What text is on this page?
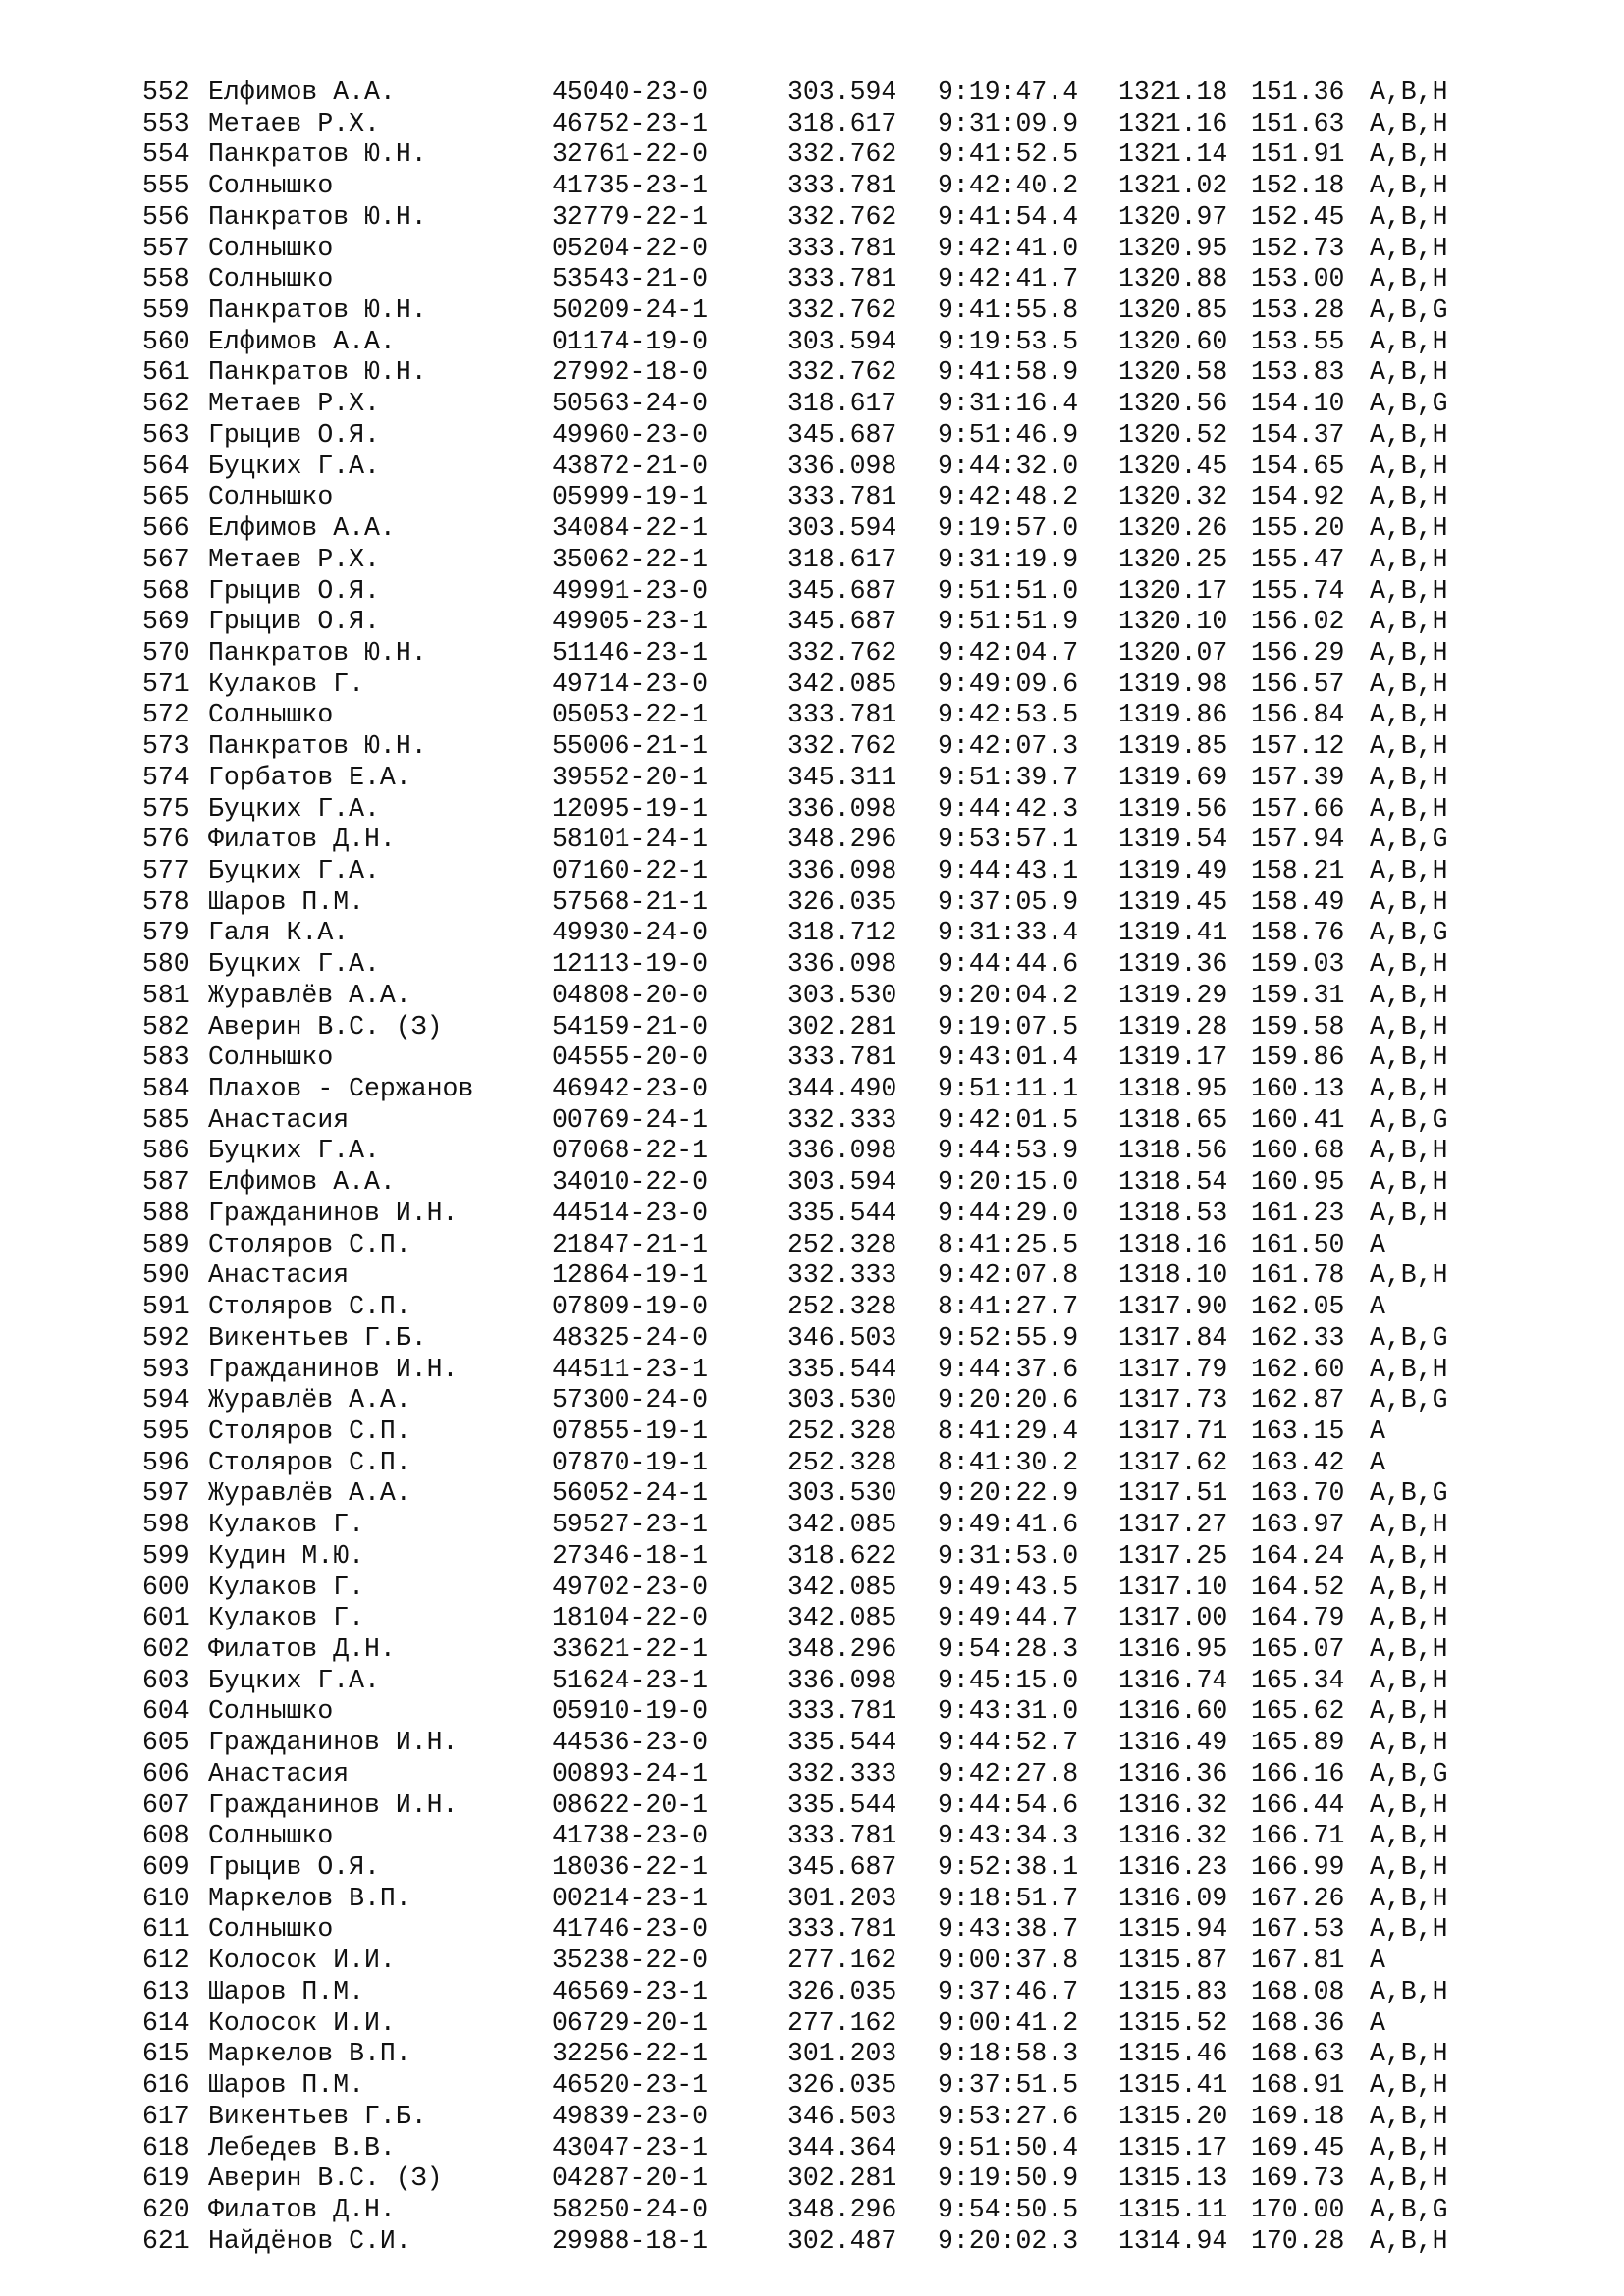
552 Елфимов А.А.	45040-23-0	303.594 9:19:47.4 1321.18 151.36 A,B,H
553 Метаев Р.Х.	46752-23-1	318.617 9:31:09.9 1321.16 151.63 A,B,H
554 Панкратов Ю.Н.	32761-22-0	332.762 9:41:52.5 1321.14 151.91 A,B,H
555 Солнышко	41735-23-1	333.781 9:42:40.2 1321.02 152.18 A,B,H
556 Панкратов Ю.Н.	32779-22-1	332.762 9:41:54.4 1320.97 152.45 A,B,H
557 Солнышко	05204-22-0	333.781 9:42:41.0 1320.95 152.73 A,B,H
558 Солнышко	53543-21-0	333.781 9:42:41.7 1320.88 153.00 A,B,H
559 Панкратов Ю.Н.	50209-24-1	332.762 9:41:55.8 1320.85 153.28 A,B,G
560 Елфимов А.А.	01174-19-0	303.594 9:19:53.5 1320.60 153.55 A,B,H
561 Панкратов Ю.Н.	27992-18-0	332.762 9:41:58.9 1320.58 153.83 A,B,H
562 Метаев Р.Х.	50563-24-0	318.617 9:31:16.4 1320.56 154.10 A,B,G
563 Грыцив О.Я.	49960-23-0	345.687 9:51:46.9 1320.52 154.37 A,B,H
564 Буцких Г.А.	43872-21-0	336.098 9:44:32.0 1320.45 154.65 A,B,H
565 Солнышко	05999-19-1	333.781 9:42:48.2 1320.32 154.92 A,B,H
566 Елфимов А.А.	34084-22-1	303.594 9:19:57.0 1320.26 155.20 A,B,H
567 Метаев Р.Х.	35062-22-1	318.617 9:31:19.9 1320.25 155.47 A,B,H
568 Грыцив О.Я.	49991-23-0	345.687 9:51:51.0 1320.17 155.74 A,B,H
569 Грыцив О.Я.	49905-23-1	345.687 9:51:51.9 1320.10 156.02 A,B,H
570 Панкратов Ю.Н.	51146-23-1	332.762 9:42:04.7 1320.07 156.29 A,B,H
571 Кулаков Г.	49714-23-0	342.085 9:49:09.6 1319.98 156.57 A,B,H
572 Солнышко	05053-22-1	333.781 9:42:53.5 1319.86 156.84 A,B,H
573 Панкратов Ю.Н.	55006-21-1	332.762 9:42:07.3 1319.85 157.12 A,B,H
574 Горбатов Е.А.	39552-20-1	345.311 9:51:39.7 1319.69 157.39 A,B,H
575 Буцких Г.А.	12095-19-1	336.098 9:44:42.3 1319.56 157.66 A,B,H
576 Филатов Д.Н.	58101-24-1	348.296 9:53:57.1 1319.54 157.94 A,B,G
577 Буцких Г.А.	07160-22-1	336.098 9:44:43.1 1319.49 158.21 A,B,H
578 Шаров П.М.	57568-21-1	326.035 9:37:05.9 1319.45 158.49 A,B,H
579 Галя К.А.	49930-24-0	318.712 9:31:33.4 1319.41 158.76 A,B,G
580 Буцких Г.А.	12113-19-0	336.098 9:44:44.6 1319.36 159.03 A,B,H
581 Журавлёв А.А.	04808-20-0	303.530 9:20:04.2 1319.29 159.31 A,B,H
582 Аверин В.С. (З)	54159-21-0	302.281 9:19:07.5 1319.28 159.58 A,B,H
583 Солнышко	04555-20-0	333.781 9:43:01.4 1319.17 159.86 A,B,H
584 Плахов - Сержанов	46942-23-0	344.490 9:51:11.1 1318.95 160.13 A,B,H
585 Анастасия	00769-24-1	332.333 9:42:01.5 1318.65 160.41 A,B,G
586 Буцких Г.А.	07068-22-1	336.098 9:44:53.9 1318.56 160.68 A,B,H
587 Елфимов А.А.	34010-22-0	303.594 9:20:15.0 1318.54 160.95 A,B,H
588 Гражданинов И.Н.	44514-23-0	335.544 9:44:29.0 1318.53 161.23 A,B,H
589 Столяров С.П.	21847-21-1	252.328 8:41:25.5 1318.16 161.50 A
590 Анастасия	12864-19-1	332.333 9:42:07.8 1318.10 161.78 A,B,H
591 Столяров С.П.	07809-19-0	252.328 8:41:27.7 1317.90 162.05 A
592 Викентьев Г.Б.	48325-24-0	346.503 9:52:55.9 1317.84 162.33 A,B,G
593 Гражданинов И.Н.	44511-23-1	335.544 9:44:37.6 1317.79 162.60 A,B,H
594 Журавлёв А.А.	57300-24-0	303.530 9:20:20.6 1317.73 162.87 A,B,G
595 Столяров С.П.	07855-19-1	252.328 8:41:29.4 1317.71 163.15 A
596 Столяров С.П.	07870-19-1	252.328 8:41:30.2 1317.62 163.42 A
597 Журавлёв А.А.	56052-24-1	303.530 9:20:22.9 1317.51 163.70 A,B,G
598 Кулаков Г.	59527-23-1	342.085 9:49:41.6 1317.27 163.97 A,B,H
599 Кудин М.Ю.	27346-18-1	318.622 9:31:53.0 1317.25 164.24 A,B,H
600 Кулаков Г.	49702-23-0	342.085 9:49:43.5 1317.10 164.52 A,B,H
601 Кулаков Г.	18104-22-0	342.085 9:49:44.7 1317.00 164.79 A,B,H
602 Филатов Д.Н.	33621-22-1	348.296 9:54:28.3 1316.95 165.07 A,B,H
603 Буцких Г.А.	51624-23-1	336.098 9:45:15.0 1316.74 165.34 A,B,H
604 Солнышко	05910-19-0	333.781 9:43:31.0 1316.60 165.62 A,B,H
605 Гражданинов И.Н.	44536-23-0	335.544 9:44:52.7 1316.49 165.89 A,B,H
606 Анастасия	00893-24-1	332.333 9:42:27.8 1316.36 166.16 A,B,G
607 Гражданинов И.Н.	08622-20-1	335.544 9:44:54.6 1316.32 166.44 A,B,H
608 Солнышко	41738-23-0	333.781 9:43:34.3 1316.32 166.71 A,B,H
609 Грыцив О.Я.	18036-22-1	345.687 9:52:38.1 1316.23 166.99 A,B,H
610 Маркелов В.П.	00214-23-1	301.203 9:18:51.7 1316.09 167.26 A,B,H
611 Солнышко	41746-23-0	333.781 9:43:38.7 1315.94 167.53 A,B,H
612 Колосок И.И.	35238-22-0	277.162 9:00:37.8 1315.87 167.81 A
613 Шаров П.М.	46569-23-1	326.035 9:37:46.7 1315.83 168.08 A,B,H
614 Колосок И.И.	06729-20-1	277.162 9:00:41.2 1315.52 168.36 A
615 Маркелов В.П.	32256-22-1	301.203 9:18:58.3 1315.46 168.63 A,B,H
616 Шаров П.М.	46520-23-1	326.035 9:37:51.5 1315.41 168.91 A,B,H
617 Викентьев Г.Б.	49839-23-0	346.503 9:53:27.6 1315.20 169.18 A,B,H
618 Лебедев В.В.	43047-23-1	344.364 9:51:50.4 1315.17 169.45 A,B,H
619 Аверин В.С. (З)	04287-20-1	302.281 9:19:50.9 1315.13 169.73 A,B,H
620 Филатов Д.Н.	58250-24-0	348.296 9:54:50.5 1315.11 170.00 A,B,G
621 Найдёнов С.И.	29988-18-1	302.487 9:20:02.3 1314.94 170.28 A,B,H
